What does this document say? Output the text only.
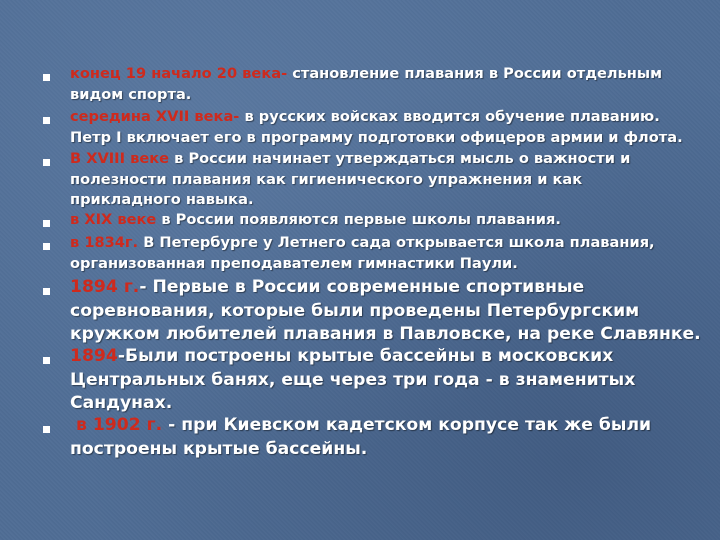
конец 19 начало 20 века- становление плавания в России отдельным
видом спорта.
середина XVII века- в русских войсках вводится обучение плаванию.
Петр I включает его в программу подготовки офицеров армии и флота.
В XVIII веке в России начинает утверждаться мысль о важности и
полезности плавания как гигиенического упражнения и как
прикладного навыка.
в XIX веке в России появляются первые школы плавания.
в 1834г. В Петербурге у Летнего сада открывается школа плавания,
организованная преподавателем гимнастики Паули.
1894 г.- Первые в России современные спортивные
соревнования, которые были проведены Петербургским
кружком любителей плавания в Павловске, на реке Славянке.
1894-Были построены крытые бассейны в московских
Центральных банях, еще через три года - в знаменитых
Сандунах.
в 1902 г. - при Киевском кадетском корпусе так же были
построены крытые бассейны.
